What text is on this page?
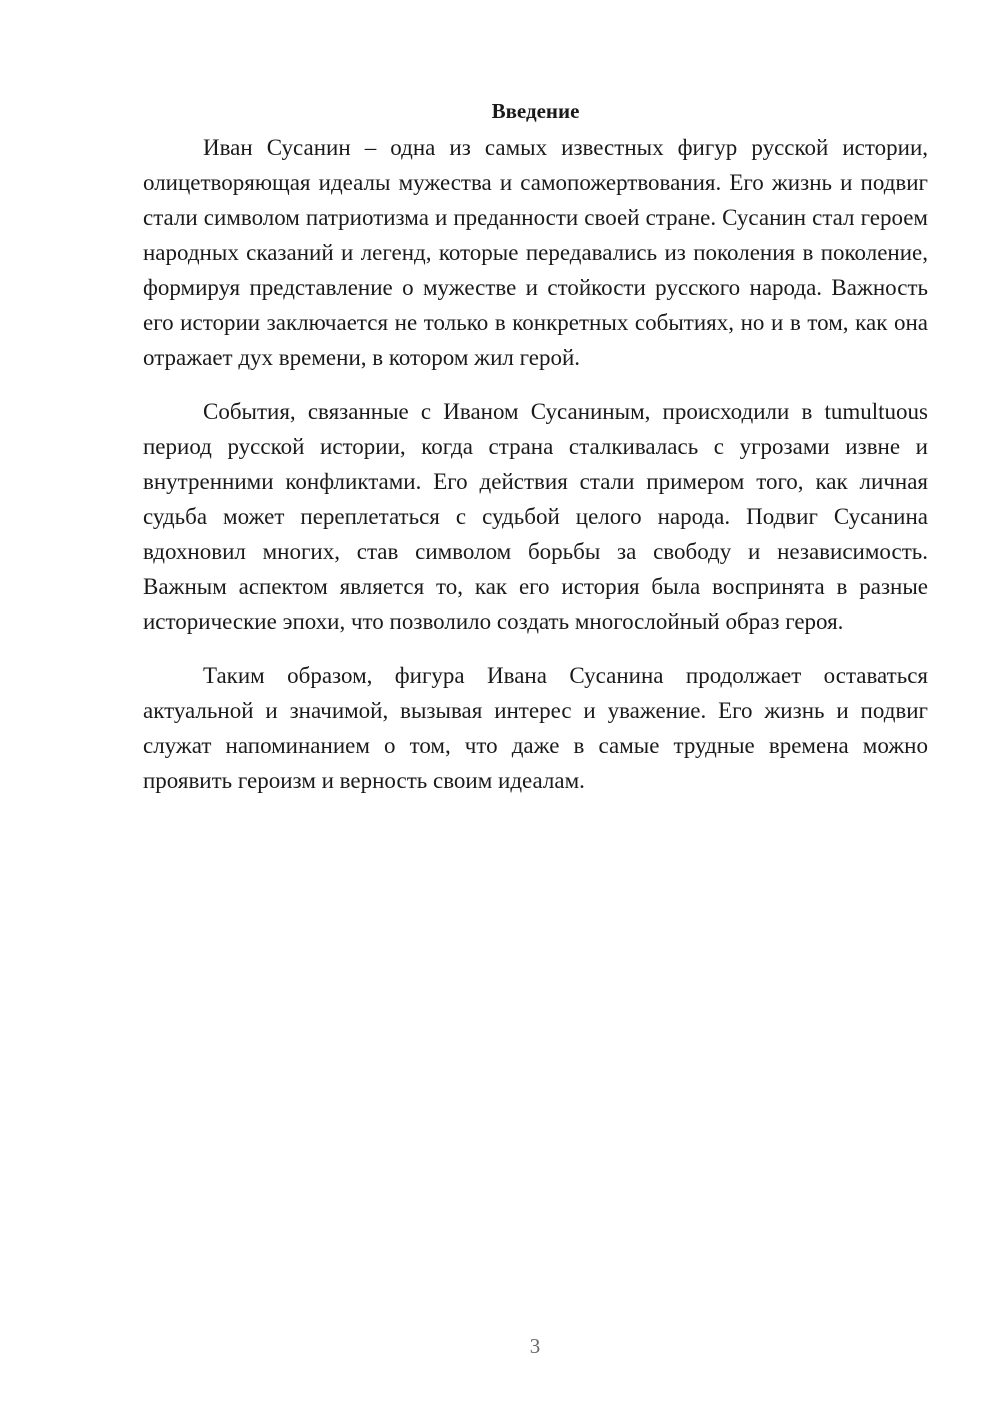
Введение

Иван Сусанин – одна из самых известных фигур русской истории, олицетворяющая идеалы мужества и самопожертвования. Его жизнь и подвиг стали символом патриотизма и преданности своей стране. Сусанин стал героем народных сказаний и легенд, которые передавались из поколения в поколение, формируя представление о мужестве и стойкости русского народа. Важность его истории заключается не только в конкретных событиях, но и в том, как она отражает дух времени, в котором жил герой.

События, связанные с Иваном Сусаниным, происходили в tumultuous период русской истории, когда страна сталкивалась с угрозами извне и внутренними конфликтами. Его действия стали примером того, как личная судьба может переплетаться с судьбой целого народа. Подвиг Сусанина вдохновил многих, став символом борьбы за свободу и независимость. Важным аспектом является то, как его история была воспринята в разные исторические эпохи, что позволило создать многослойный образ героя.

Таким образом, фигура Ивана Сусанина продолжает оставаться актуальной и значимой, вызывая интерес и уважение. Его жизнь и подвиг служат напоминанием о том, что даже в самые трудные времена можно проявить героизм и верность своим идеалам.

3
